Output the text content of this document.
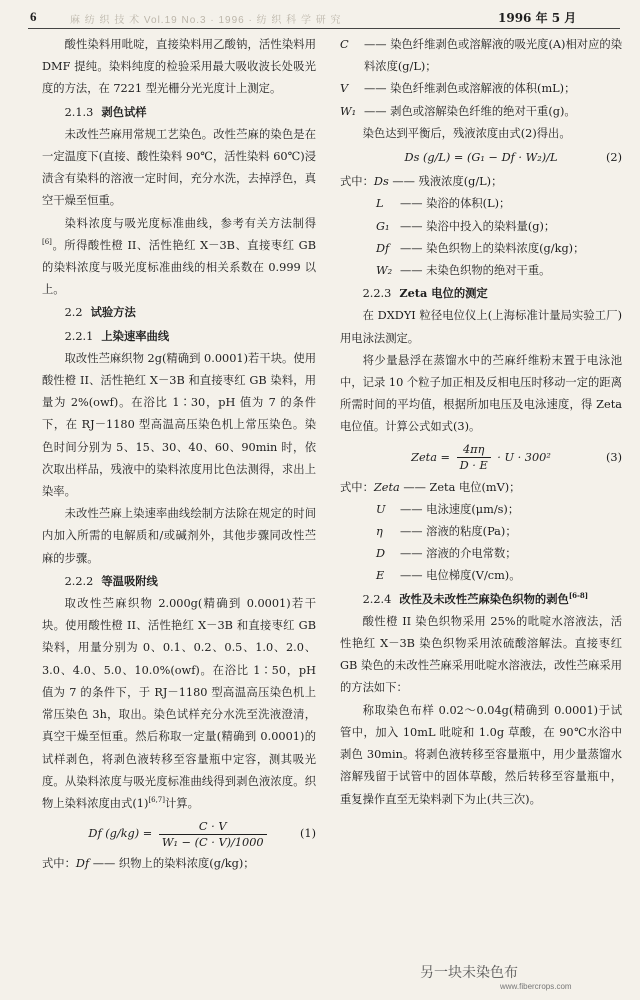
6	麻 纺 织 技 术 Vol.19 No.3 · 1996 · 纺 织 科 学 研 究	1996 年 5 月

酸性染料用吡啶，直接染料用乙酸钠，活性染料用 DMF 提纯。染料纯度的检验采用最大吸收波长处吸光度的方法，在 7221 型光栅分光光度计上测定。

2.1.3 剥色试样

未改性苎麻用常规工艺染色。改性苎麻的染色是在一定温度下(直接、酸性染料 90℃，活性染料 60℃)浸渍含有染料的溶液一定时间，充分水洗，去掉浮色，真空干燥至恒重。

染料浓度与吸光度标准曲线，参考有关方法制得[6]。所得酸性橙 II、活性艳红 X－3B、直接枣红 GB 的染料浓度与吸光度标准曲线的相关系数在 0.999 以上。

2.2 试验方法
2.2.1 上染速率曲线

取改性苎麻织物 2g(精确到 0.0001)若干块。使用酸性橙 II、活性艳红 X－3B 和直接枣红 GB 染料，用量为 2%(owf)。在浴比 1∶30，pH 值为 7 的条件下，在 RJ－1180 型高温高压染色机上常压染色。染色时间分别为 5、15、30、40、60、90min 时，依次取出样品，残液中的染料浓度用比色法测得，求出上染率。

未改性苎麻上染速率曲线绘制方法除在规定的时间内加入所需的电解质和/或碱剂外，其他步骤同改性苎麻的步骤。

2.2.2 等温吸附线

取改性苎麻织物 2.000g(精确到 0.0001)若干块。使用酸性橙 II、活性艳红 X－3B 和直接枣红 GB 染料，用量分别为 0、0.1、0.2、0.5、1.0、2.0、3.0、4.0、5.0、10.0%(owf)。在浴比 1∶50，pH 值为 7 的条件下，于 RJ－1180 型高温高压染色机上常压染色 3h，取出。染色试样充分水洗至洗液澄清，真空干燥至恒重。然后称取一定量(精确到 0.0001)的试样剥色，将剥色液转移至容量瓶中定容，测其吸光度。从染料浓度与吸光度标准曲线得到剥色液浓度。织物上染料浓度由式(1)[6,7]计算。

Df $(g/kg) = \frac{C \cdot V}{\text{W₁ − (C · V)/1000}}$	(1)

式中：Df —— 织物上的染料浓度(g/kg)；

C —— 染色纤维剥色或溶解液的吸光度(A)相对应的染料浓度(g/L)；
V —— 染色纤维剥色或溶解液的体积(mL)；
W₁ —— 剥色或溶解染色纤维的绝对干重(g)。

染色达到平衡后，残液浓度由式(2)得出。

Ds (g/L) = (G₁ − Df · W₂)/L	(2)

式中：Ds —— 残液浓度(g/L)；

L —— 染浴的体积(L)；
G₁ —— 染浴中投入的染料量(g)；
Df —— 染色织物上的染料浓度(g/kg)；
W₂ —— 未染色织物的绝对干重。
2.2.3 Zeta 电位的测定

在 DXDYI 粒径电位仪上(上海标准计量局实验工厂)用电泳法测定。

将少量悬浮在蒸馏水中的苎麻纤维粉末置于电泳池中，记录 10 个粒子加正相及反相电压时移动一定的距离所需时间的平均值，根据所加电压及电泳速度，得 Zeta 电位值。计算公式如式(3)。

Zeta = $\frac{4\pi\eta}{D \cdot E} \cdot U \cdot 300^2$	(3)

式中：Zeta —— Zeta 电位(mV)；

U —— 电泳速度(μm/s)；
η —— 溶液的粘度(Pa)；
D —— 溶液的介电常数；
E —— 电位梯度(V/cm)。
2.2.4 改性及未改性苎麻染色织物的剥色[6-8]

酸性橙 II 染色织物采用 25%的吡啶水溶液法，活性艳红 X－3B 染色织物采用浓硫酸溶解法。直接枣红 GB 染色的未改性苎麻采用吡啶水溶液法，改性苎麻采用的方法如下：

称取染色布样 0.02～0.04g(精确到 0.0001)于试管中，加入 10mL 吡啶和 1.0g 草酸，在 90℃水浴中剥色 30min。将剥色液转移至容量瓶中，用少量蒸馏水溶解残留于试管中的固体草酸，然后转移至容量瓶中，重复操作直至无染料剥下为止(共三次)。

另一块未染色布
www.fibercrops.com
